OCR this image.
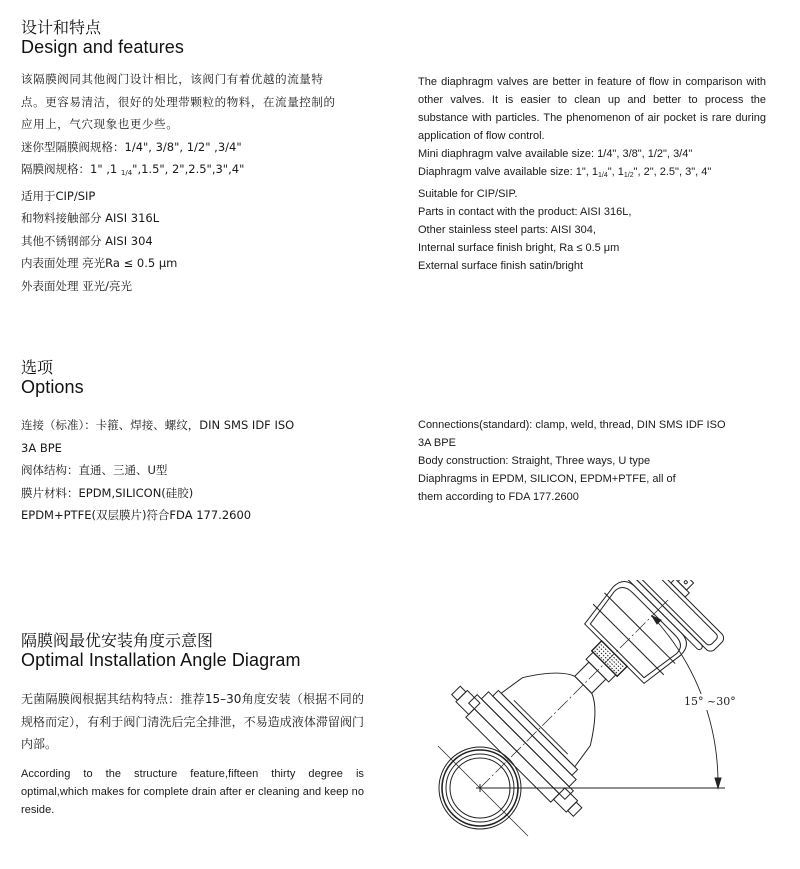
设计和特点
Design and features
该隔膜阀同其他阀门设计相比，该阀门有着优越的流量特
点。更容易清洁，很好的处理带颗粒的物料，在流量控制的
应用上，气穴现象也更少些。
迷你型隔膜阀规格：1/4", 3/8", 1/2" ,3/4"
隔膜阀规格：1" ,1 $_{1/4}$",1.5", 2",2.5",3",4"
适用于CIP/SIP
和物料接触部分 AISI 316L
其他不锈钢部分 AISI 304
内表面处理 亮光Ra ≤ 0.5 μm
外表面处理 亚光/亮光
The diaphragm valves are better in feature of flow in comparison with other valves. It is easier to clean up and better to process the substance with particles. The phenomenon of air pocket is rare during application of flow control.
Mini diaphragm valve available size: 1/4", 3/8", 1/2", 3/4"
Diaphragm valve available size: 1", $1_{1/4}$", $1_{1/2}$", 2", 2.5", 3", 4"
Suitable for CIP/SIP.
Parts in contact with the product: AISI 316L,
Other stainless steel parts: AISI 304,
Internal surface finish bright, Ra ≤ 0.5 μm
External surface finish satin/bright
选项
Options
连接（标准）：卡箍、焊接、螺纹，DIN SMS IDF ISO
3A BPE
阀体结构：直通、三通、U型
膜片材料：EPDM,SILICON(硅胶)
EPDM+PTFE(双层膜片)符合FDA 177.2600
Connections(standard): clamp, weld, thread, DIN SMS IDF ISO
3A BPE
Body construction: Straight, Three ways, U type
Diaphragms in EPDM, SILICON, EPDM+PTFE, all of
them according to FDA 177.2600
隔膜阀最优安装角度示意图
Optimal Installation Angle Diagram
无菌隔膜阀根据其结构特点：推荐15–30角度安装（根据不同的规格而定），有利于阀门清洗后完全排泄，不易造成液体滞留阀门内部。
According to the structure feature,fifteen thirty degree is optimal,which makes for complete drain after er cleaning and keep no reside.
15° ~30°
